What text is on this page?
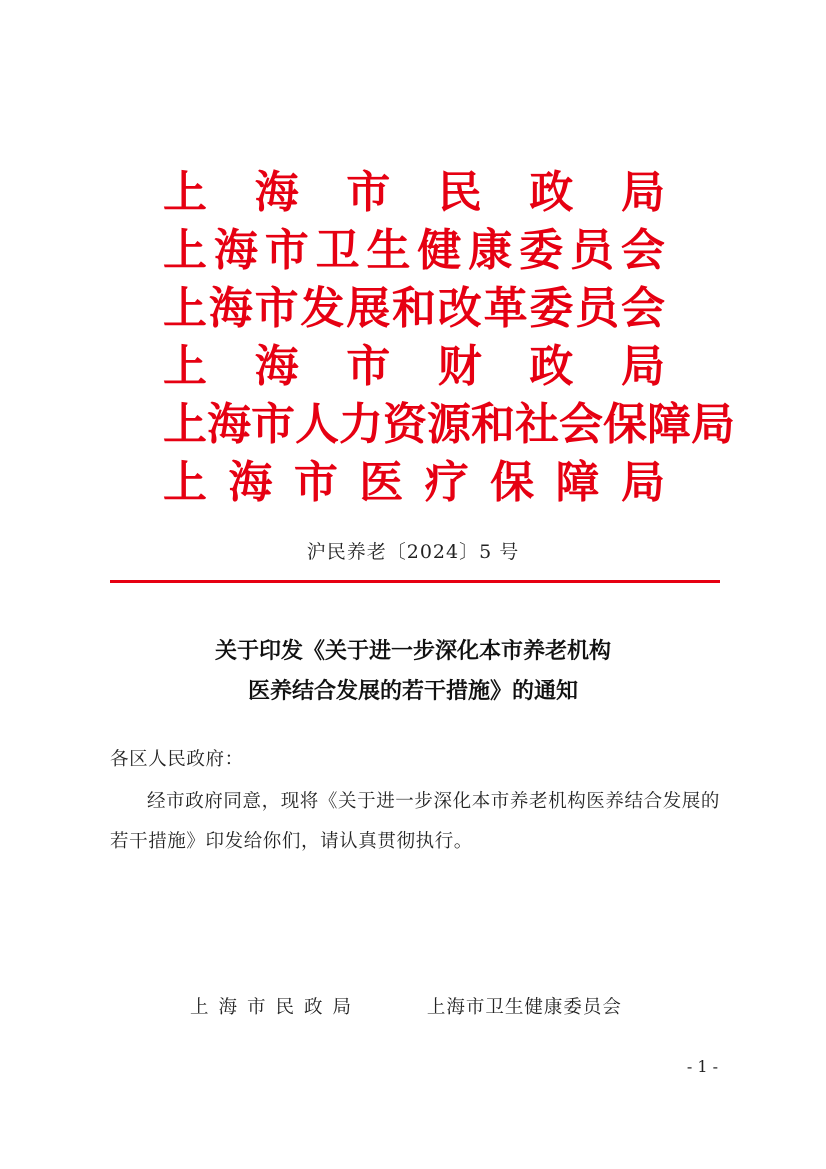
上 海 市 民 政 局
上 海 市 卫 生 健 康 委 员 会
上 海 市 发 展 和 改 革 委 员 会
上 海 市 财 政 局
上 海 市 人 力 资 源 和 社 会 保 障 局
上 海 市 医 疗 保 障 局
沪民养老〔2024〕5 号
关于印发《关于进一步深化本市养老机构
医养结合发展的若干措施》的通知
各区人民政府：
经市政府同意，现将《关于进一步深化本市养老机构医养结合发展的若干措施》印发给你们，请认真贯彻执行。
上海市民政局	上海市卫生健康委员会
- 1 -
